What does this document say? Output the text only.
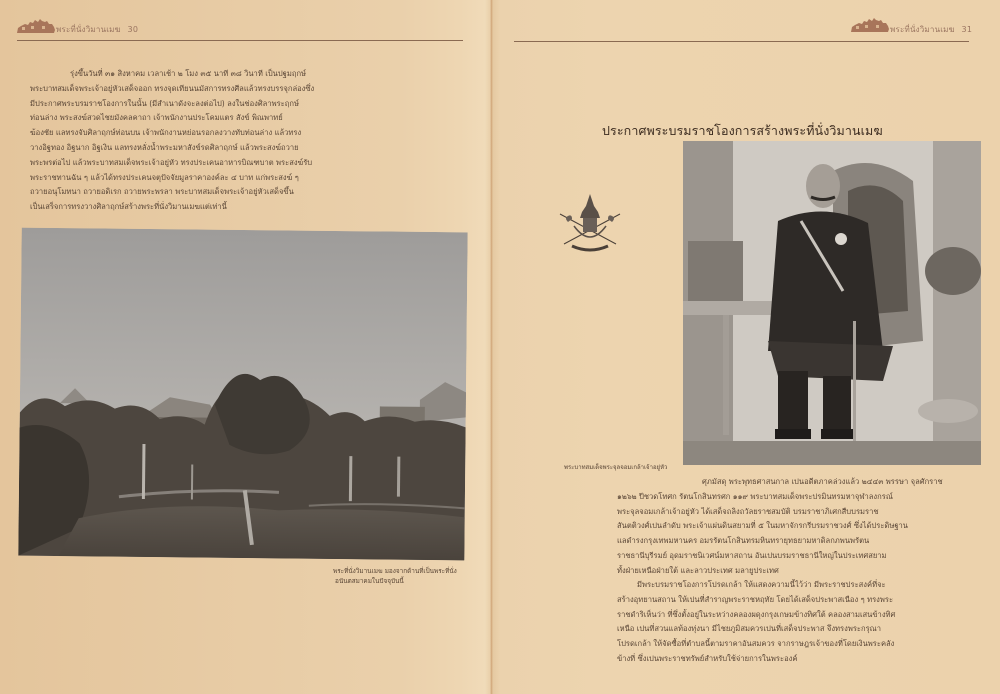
พระที่นั่งวิมานเมฆ 30

รุ่งขึ้นวันที่ ๓๑ สิงหาคม เวลาเช้า ๒ โมง ๓๕ นาที ๓๘ วินาที เป็นปฐมฤกษ์

พระบาทสมเด็จพระเจ้าอยู่หัวเสด็จออก ทรงจุดเทียนนมัสการทรงศีลแล้วทรงบรรจุกล่องซึ่ง

มีประกาศพระบรมราชโองการในนั้น (มีสำเนาดังจะลงต่อไป) ลงในช่องศิลาพระฤกษ์

ท่อนล่าง พระสงฆ์สวดไชยมังคลคาถา เจ้าพนักงานประโคมแตร สังข์ พิณพาทย์

ฆ้องชัย แลทรงจับศิลาฤกษ์ท่อนบน เจ้าพนักงานหย่อนรอกลงวางทับท่อนล่าง แล้วทรง

วางอิฐทอง อิฐนาก อิฐเงิน แลทรงหลั่งน้ำพระมหาสังข์รดศิลาฤกษ์ แล้วพระสงฆ์ถวาย

พระพรต่อไป แล้วพระบาทสมเด็จพระเจ้าอยู่หัว ทรงประเคนอาหารบิณฑบาต พระสงฆ์รับ

พระราชทานฉัน ๆ แล้วได้ทรงประเคนจตุปัจจัยมูลราคาองค์ละ ๔ บาท แก่พระสงฆ์ ๆ

ถวายอนุโมทนา ถวายอดิเรก ถวายพระพรลา พระบาทสมเด็จพระเจ้าอยู่หัวเสด็จขึ้น

เป็นเสร็จการทรงวางศิลาฤกษ์สร้างพระที่นั่งวิมานเมฆแต่เท่านี้

พระที่นั่งวิมานเมฆ มองจากด้านที่เป็นพระที่นั่ง
อนันตสมาคมในปัจจุบันนี้
พระที่นั่งวิมานเมฆ 31
ประกาศพระบรมราชโองการสร้างพระที่นั่งวิมานเมฆ
พระบาทสมเด็จพระจุลจอมเกล้าเจ้าอยู่หัว

ศุภมัสดุ พระพุทธศาสนกาล เปนอดีตภาคล่วงแล้ว ๒๔๔๓ พรรษา จุลศักราช

๑๒๖๒ ปีชวดโทศก รัตนโกสินทรศก ๑๑๙ พระบาทสมเด็จพระปรมินทรมหาจุฬาลงกรณ์

พระจุลจอมเกล้าเจ้าอยู่หัว ได้เสด็จถลิงถวัลยราชสมบัติ บรมราชาภิเศกสืบบรมราช

สันตติวงศ์เปนลำดับ พระเจ้าแผ่นดินสยามที่ ๕ ในมหาจักรกรีบรมราชวงศ์ ซึ่งได้ประดิษฐาน

แลดำรงกรุงเทพมหานคร อมรรัตนโกสินทรมหินทรายุทธยามหาดิลกภพนพรัตน

ราชธานีบุรีรมย์ อุดมราชนิเวศน์มหาสถาน อันเปนบรมราชธานีใหญ่ในประเทศสยาม

ทั้งฝ่ายเหนือฝ่ายใต้ และลาวประเทศ มลายูประเทศ

มีพระบรมราชโองการโปรดเกล้า ให้แสดงความนี้ไว้ว่า มีพระราชประสงค์ที่จะ

สร้างอุทยานสถาน ให้เปนที่สำราญพระราชหฤทัย โดยได้เสด็จประพาสเนือง ๆ ทรงพระ

ราชดำริเห็นว่า ที่ซึ่งตั้งอยู่ในระหว่างคลองผดุงกรุงเกษมข้างทิศใต้ คลองสามเสนข้างทิศ

เหนือ เปนที่สวนแลท้องทุ่งนา มีไชยภูมิสมควรเปนที่เสด็จประพาส จึงทรงพระกรุณา

โปรดเกล้า ให้จัดซื้อที่ตำบลนี้ตามราคาอันสมควร จากราษฎรเจ้าของที่โดยเงินพระคลัง

ข้างที่ ซึ่งเปนพระราชทรัพย์สำหรับใช้จ่ายการในพระองค์
